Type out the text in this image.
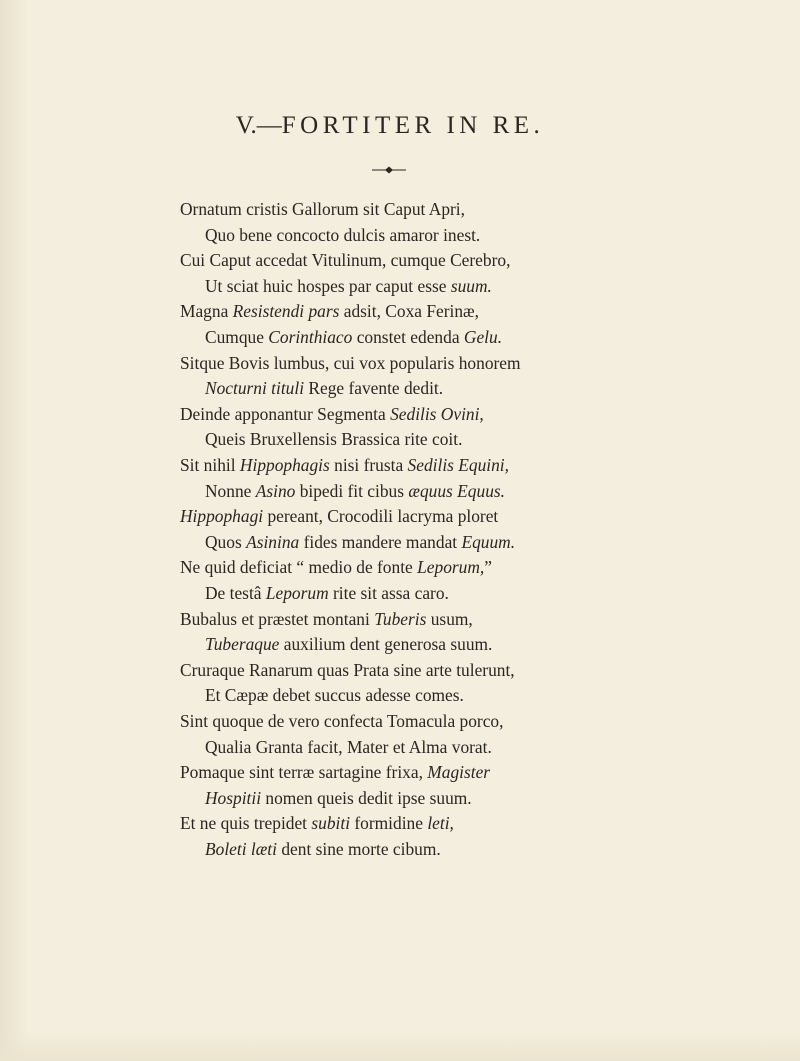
V.—FORTITER IN RE.
Ornatum cristis Gallorum sit Caput Apri,
Quo bene concocto dulcis amaror inest.
Cui Caput accedat Vitulinum, cumque Cerebro,
Ut sciat huic hospes par caput esse suum.
Magna Resistendi pars adsit, Coxa Ferinæ,
Cumque Corinthiaco constet edenda Gelu.
Sitque Bovis lumbus, cui vox popularis honorem
Nocturni tituli Rege favente dedit.
Deinde apponantur Segmenta Sedilis Ovini,
Queis Bruxellensis Brassica rite coit.
Sit nihil Hippophagis nisi frusta Sedilis Equini,
Nonne Asino bipedi fit cibus æquus Equus.
Hippophagi pereant, Crocodili lacryma ploret
Quos Asinina fides mandere mandat Equum.
Ne quid deficiat “ medio de fonte Leporum,”
De testâ Leporum rite sit assa caro.
Bubalus et præstet montani Tuberis usum,
Tuberaque auxilium dent generosa suum.
Cruraque Ranarum quas Prata sine arte tulerunt,
Et Cæpæ debet succus adesse comes.
Sint quoque de vero confecta Tomacula porco,
Qualia Granta facit, Mater et Alma vorat.
Pomaque sint terræ sartagine frixa, Magister
Hospitii nomen queis dedit ipse suum.
Et ne quis trepidet subiti formidine leti,
Boleti læti dent sine morte cibum.
